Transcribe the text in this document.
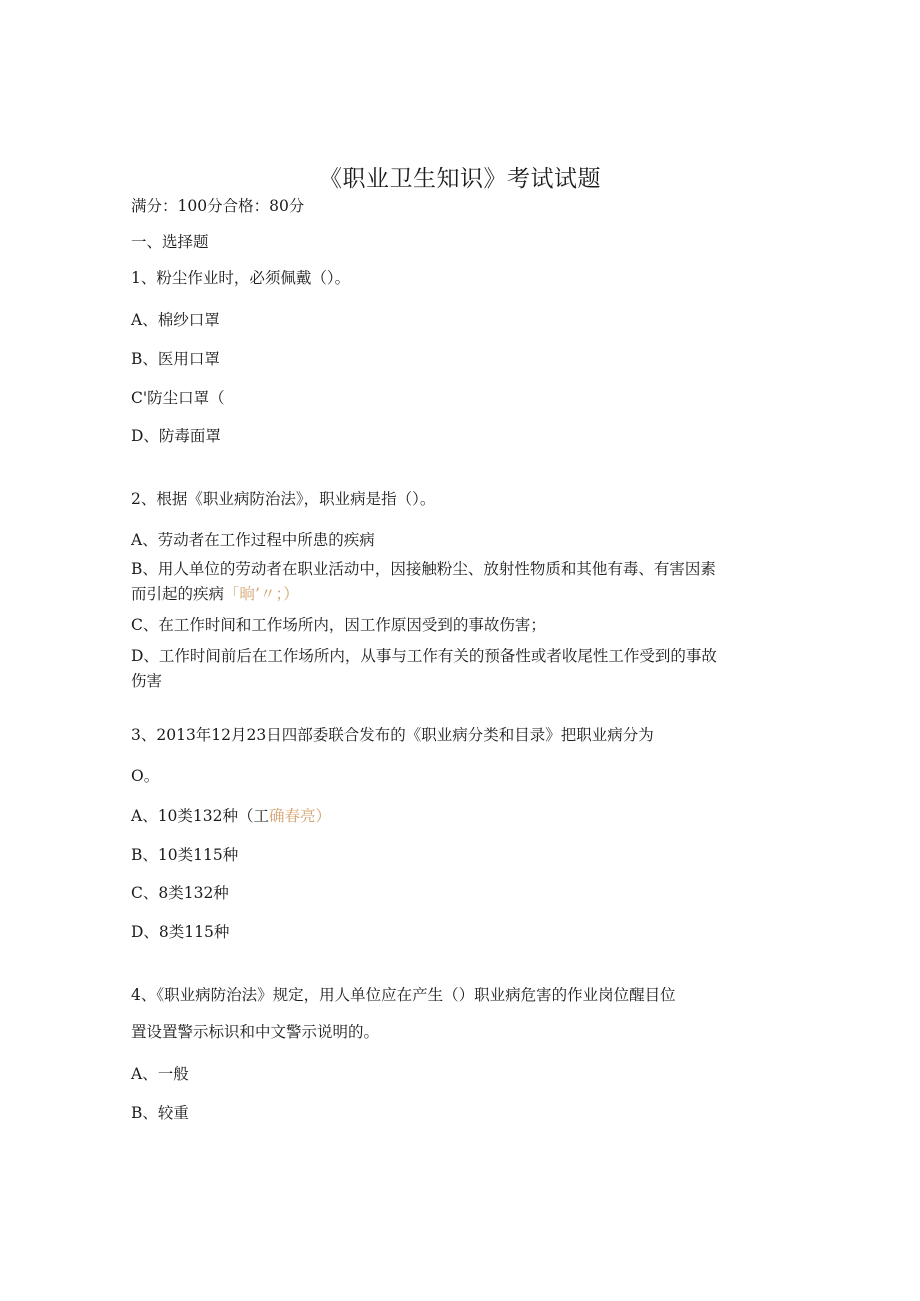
《职业卫生知识》考试试题
满分：100分合格：80分
一、选择题
1、粉尘作业时，必须佩戴（）。
A、棉纱口罩
B、医用口罩
C'防尘口罩（
D、防毒面罩
2、根据《职业病防治法》，职业病是指（）。
A、劳动者在工作过程中所患的疾病
B、用人单位的劳动者在职业活动中，因接触粉尘、放射性物质和其他有毒、有害因素
而引起的疾病「晌’〃；）
C、在工作时间和工作场所内，因工作原因受到的事故伤害；
D、工作时间前后在工作场所内，从事与工作有关的预备性或者收尾性工作受到的事故
伤害
3、2013年12月23日四部委联合发布的《职业病分类和目录》把职业病分为
O。
A、10类132种（工确春亮）
B、10类115种
C、8类132种
D、8类115种
4、《职业病防治法》规定，用人单位应在产生（）职业病危害的作业岗位醒目位
置设置警示标识和中文警示说明的。
A、一般
B、较重
